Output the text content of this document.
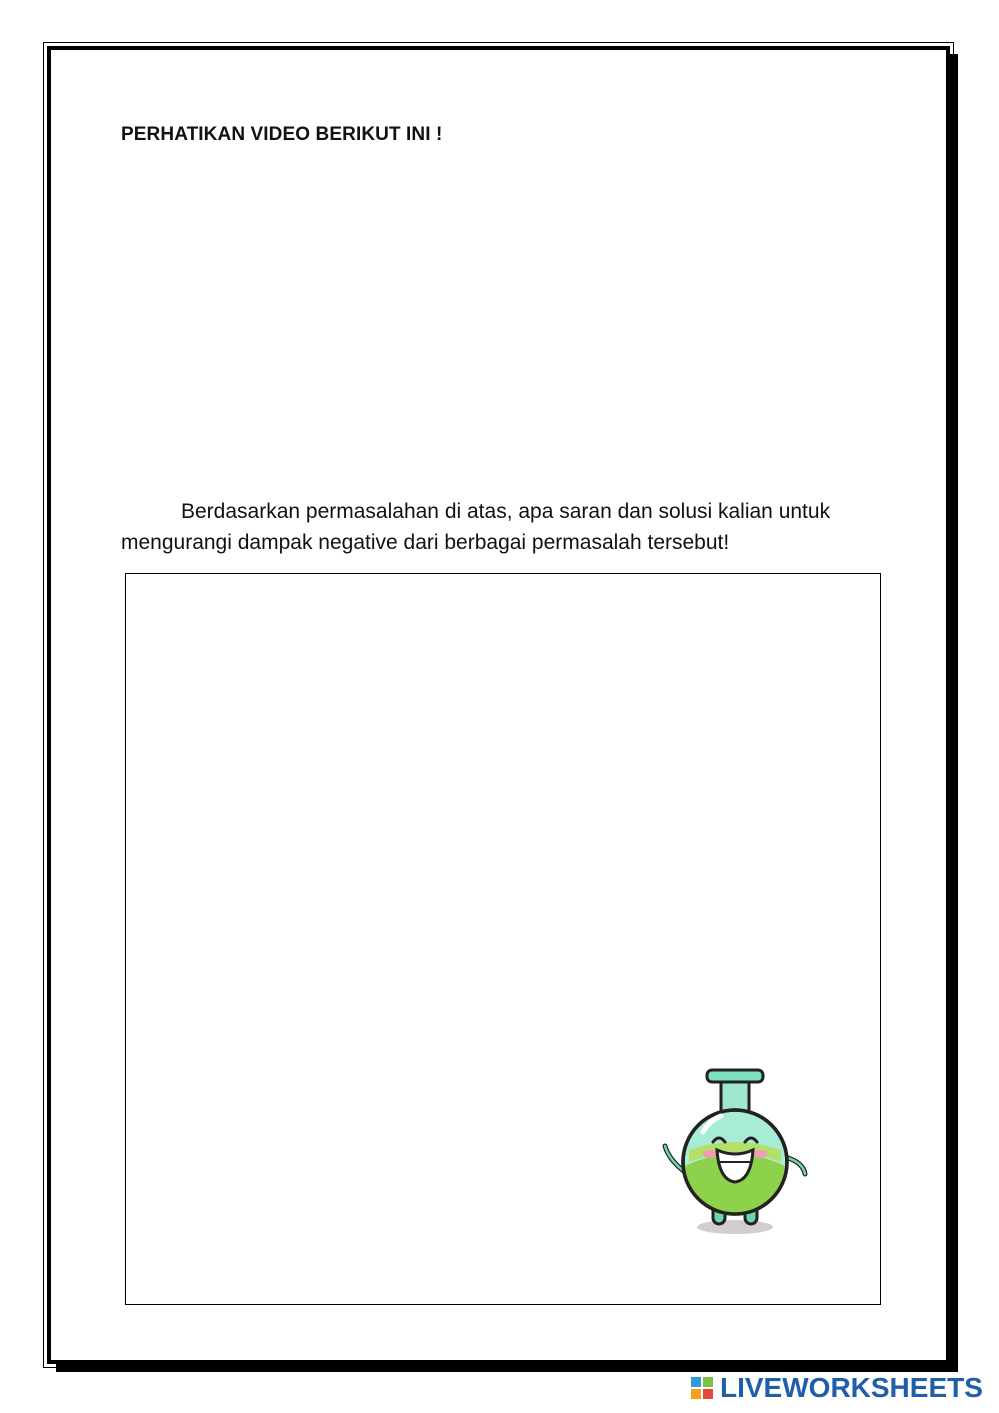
PERHATIKAN VIDEO BERIKUT INI !
Berdasarkan permasalahan di atas, apa saran dan solusi kalian untuk mengurangi dampak negative dari berbagai permasalah tersebut!
LIVEWORKSHEETS
